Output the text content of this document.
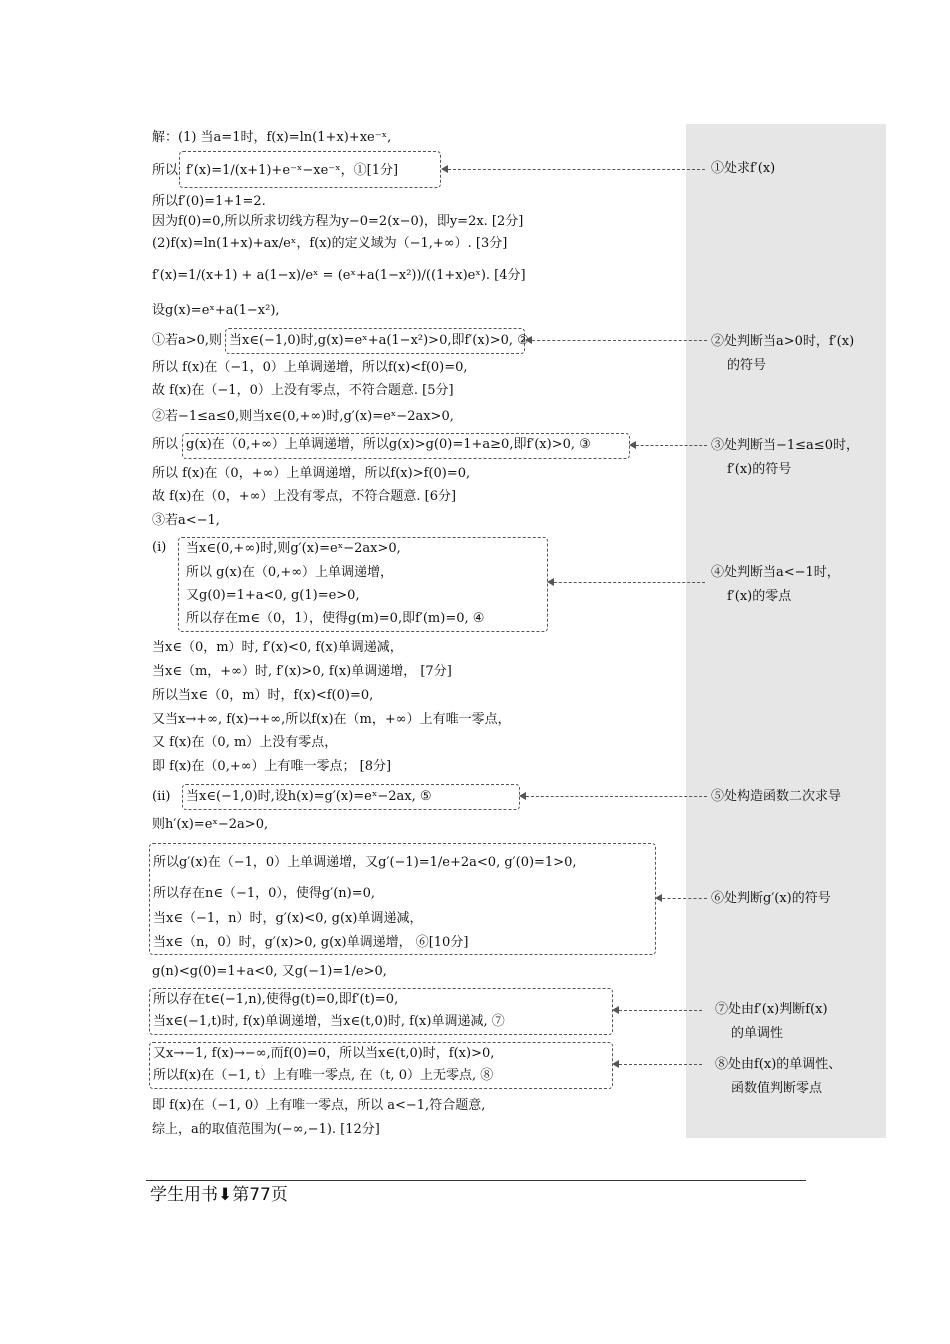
解：(1) 当a=1时，f(x)=ln(1+x)+xe⁻ˣ,
所以 f′(x)=1/(x+1)+e⁻ˣ−xe⁻ˣ，①[1分]
所以f′(0)=1+1=2.
因为f(0)=0,所以所求切线方程为y−0=2(x−0)，即y=2x. [2分]
(2)f(x)=ln(1+x)+ax/eˣ，f(x)的定义域为（−1,+∞）. [3分]
f′(x)=1/(x+1) + a(1−x)/eˣ = (eˣ+a(1−x²))/((1+x)eˣ). [4分]
设g(x)=eˣ+a(1−x²),
①若a>0,则 当x∈(−1,0)时,g(x)=eˣ+a(1−x²)>0,即f′(x)>0, ②
所以 f(x)在（−1，0）上单调递增，所以f(x)<f(0)=0,
故 f(x)在（−1，0）上没有零点，不符合题意. [5分]
②若−1≤a≤0,则当x∈(0,+∞)时,g′(x)=eˣ−2ax>0,
所以 g(x)在（0,+∞）上单调递增，所以g(x)>g(0)=1+a≥0,即f′(x)>0, ③
所以 f(x)在（0，+∞）上单调递增，所以f(x)>f(0)=0,
故 f(x)在（0，+∞）上没有零点，不符合题意. [6分]
③若a<−1,
(ⅰ) 当x∈(0,+∞)时,则g′(x)=eˣ−2ax>0,
所以 g(x)在（0,+∞）上单调递增，
又g(0)=1+a<0, g(1)=e>0,
所以存在m∈（0，1），使得g(m)=0,即f′(m)=0, ④
当x∈（0，m）时, f′(x)<0, f(x)单调递减，
当x∈（m，+∞）时, f′(x)>0, f(x)单调递增， [7分]
所以当x∈（0，m）时，f(x)<f(0)=0,
又当x→+∞, f(x)→+∞,所以f(x)在（m，+∞）上有唯一零点，
又 f(x)在（0, m）上没有零点，
即 f(x)在（0,+∞）上有唯一零点； [8分]
(ⅱ) 当x∈(−1,0)时,设h(x)=g′(x)=eˣ−2ax, ⑤
则h′(x)=eˣ−2a>0,
所以g′(x)在（−1，0）上单调递增，又g′(−1)=1/e+2a<0, g′(0)=1>0,
所以存在n∈（−1，0），使得g′(n)=0,
当x∈（−1，n）时，g′(x)<0, g(x)单调递减，
当x∈（n，0）时，g′(x)>0, g(x)单调递增， ⑥[10分]
g(n)<g(0)=1+a<0, 又g(−1)=1/e>0,
所以存在t∈(−1,n),使得g(t)=0,即f′(t)=0,
当x∈(−1,t)时, f(x)单调递增，当x∈(t,0)时, f(x)单调递减, ⑦
又x→−1, f(x)→−∞,而f(0)=0，所以当x∈(t,0)时，f(x)>0,
所以f(x)在（−1, t）上有唯一零点, 在（t, 0）上无零点, ⑧
即 f(x)在（−1, 0）上有唯一零点，所以 a<−1,符合题意,
综上，a的取值范围为(−∞,−1). [12分]
①处求f′(x)
②处判断当a>0时，f′(x)
的符号
③处判断当−1≤a≤0时，
f′(x)的符号
④处判断当a<−1时，
f′(x)的零点
⑤处构造函数二次求导
⑥处判断g′(x)的符号
⑦处由f′(x)判断f(x)
的单调性
⑧处由f(x)的单调性、
函数值判断零点
学生用书⬇第77页
